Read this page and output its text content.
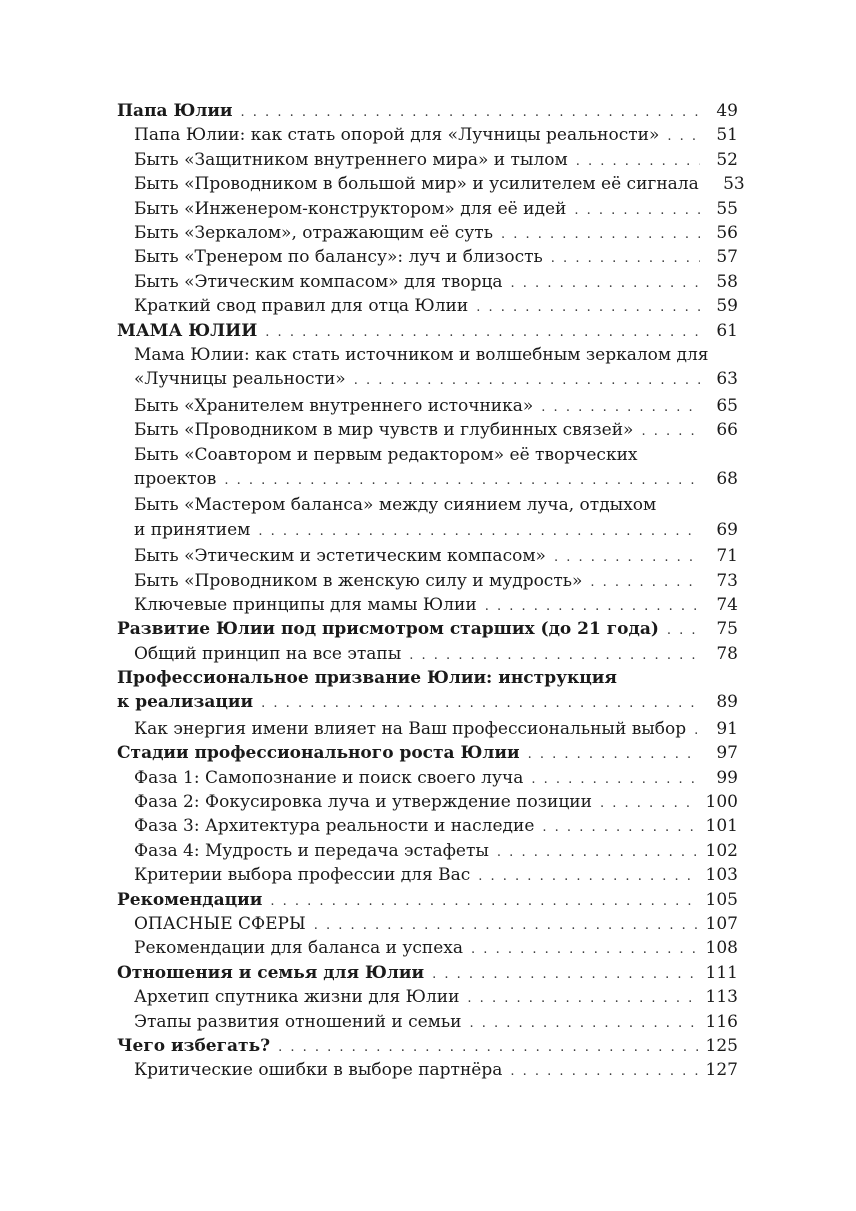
Папа Юлии . . .	49
Папа Юлии: как стать опорой для «Лучницы реальности» . . .	51
Быть «Защитником внутреннего мира» и тылом . . .	52
Быть «Проводником в большой мир» и усилителем её сигнала	53
Быть «Инженером-конструктором» для её идей . . .	55
Быть «Зеркалом», отражающим её суть . . .	56
Быть «Тренером по балансу»: луч и близость . . .	57
Быть «Этическим компасом» для творца . . .	58
Краткий свод правил для отца Юлии . . .	59
МАМА ЮЛИИ . . .	61
Мама Юлии: как стать источником и волшебным зеркалом для
«Лучницы реальности» . . .	63
Быть «Хранителем внутреннего источника» . . .	65
Быть «Проводником в мир чувств и глубинных связей» . . .	66
Быть «Соавтором и первым редактором» её творческих
проектов . . .	68
Быть «Мастером баланса» между сиянием луча, отдыхом
и принятием . . .	69
Быть «Этическим и эстетическим компасом» . . .	71
Быть «Проводником в женскую силу и мудрость» . . .	73
Ключевые принципы для мамы Юлии . . .	74
Развитие Юлии под присмотром старших (до 21 года) . . .	75
Общий принцип на все этапы . . .	78
Профессиональное призвание Юлии: инструкция
к реализации . . .	89
Как энергия имени влияет на Ваш профессиональный выбор . . .	91
Стадии профессионального роста Юлии . . .	97
Фаза 1: Самопознание и поиск своего луча . . .	99
Фаза 2: Фокусировка луча и утверждение позиции . . .	100
Фаза 3: Архитектура реальности и наследие . . .	101
Фаза 4: Мудрость и передача эстафеты . . .	102
Критерии выбора профессии для Вас . . .	103
Рекомендации . . .	105
ОПАСНЫЕ СФЕРЫ . . .	107
Рекомендации для баланса и успеха . . .	108
Отношения и семья для Юлии . . .	111
Архетип спутника жизни для Юлии . . .	113
Этапы развития отношений и семьи . . .	116
Чего избегать? . . .	125
Критические ошибки в выборе партнёра . . .	127
